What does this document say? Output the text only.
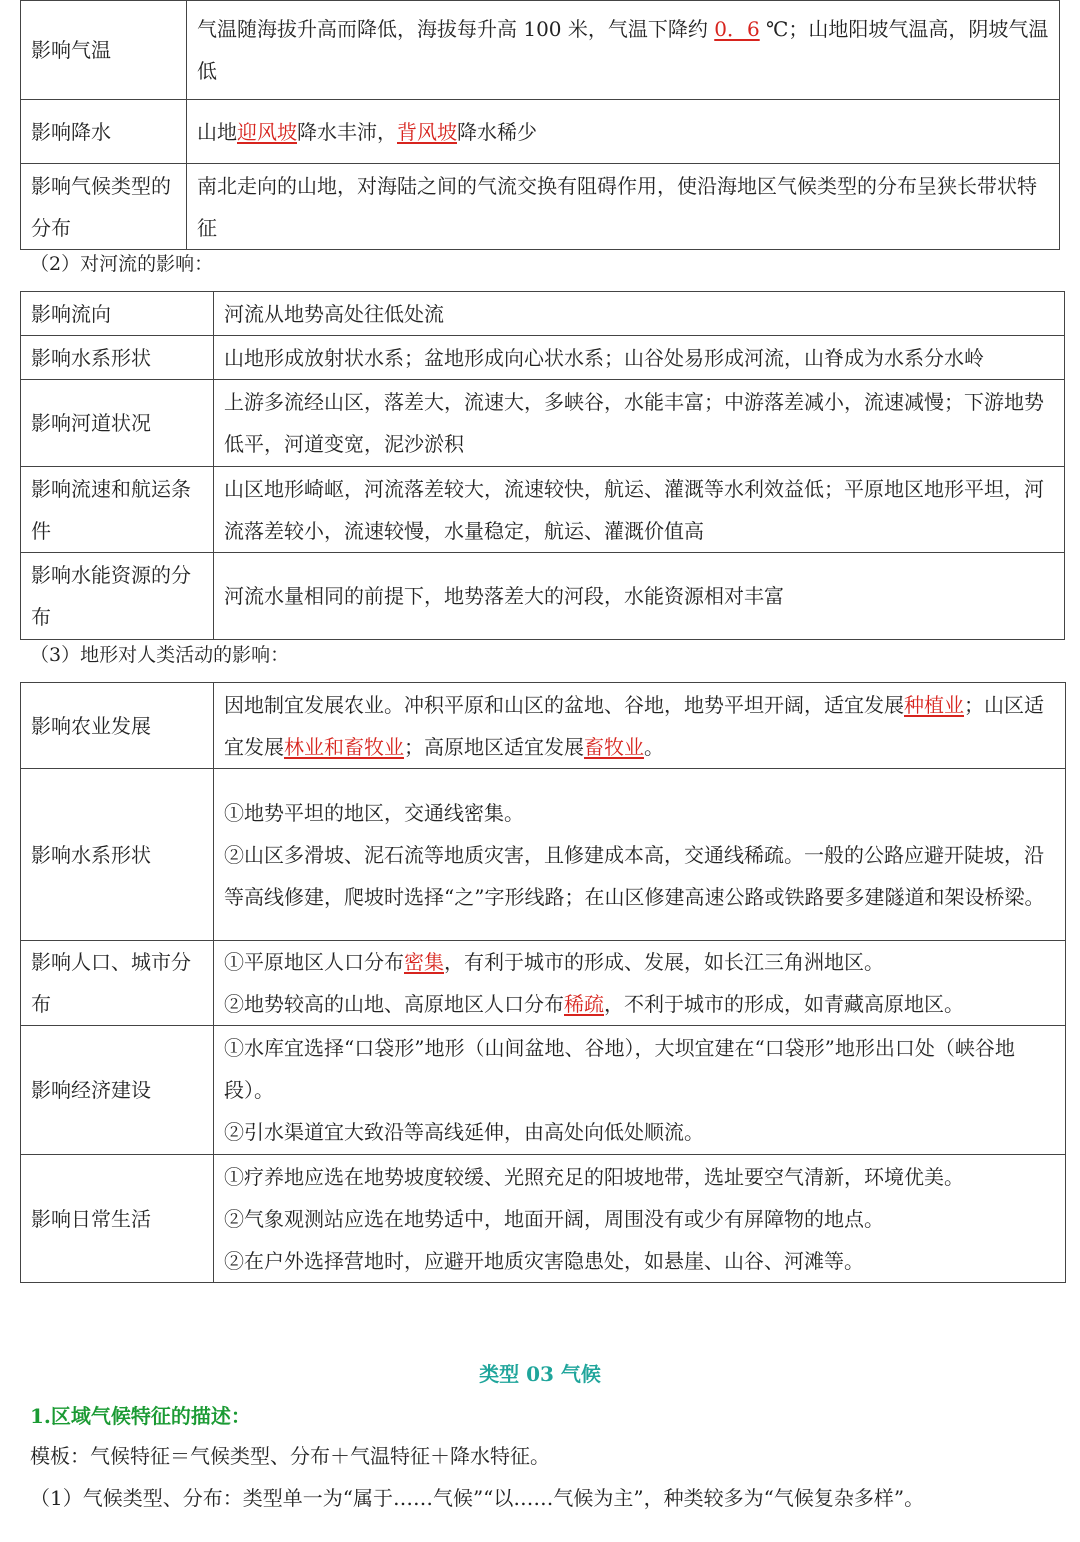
影响气温	气温随海拔升高而降低，海拔每升高 100 米，气温下降约 0．6 ℃；山地阳坡气温高，阴坡气温低
影响降水	山地迎风坡降水丰沛，背风坡降水稀少
影响气候类型的分布	南北走向的山地，对海陆之间的气流交换有阻碍作用，使沿海地区气候类型的分布呈狭长带状特征
（2）对河流的影响：
影响流向	河流从地势高处往低处流
影响水系形状	山地形成放射状水系；盆地形成向心状水系；山谷处易形成河流，山脊成为水系分水岭
影响河道状况	上游多流经山区，落差大，流速大，多峡谷，水能丰富；中游落差减小，流速减慢；下游地势低平，河道变宽，泥沙淤积
影响流速和航运条件	山区地形崎岖，河流落差较大，流速较快，航运、灌溉等水利效益低；平原地区地形平坦，河流落差较小，流速较慢，水量稳定，航运、灌溉价值高
影响水能资源的分布	河流水量相同的前提下，地势落差大的河段，水能资源相对丰富
（3）地形对人类活动的影响：
影响农业发展	因地制宜发展农业。冲积平原和山区的盆地、谷地，地势平坦开阔，适宜发展种植业；山区适宜发展林业和畜牧业；高原地区适宜发展畜牧业。
影响水系形状	①地势平坦的地区，交通线密集。
②山区多滑坡、泥石流等地质灾害，且修建成本高，交通线稀疏。一般的公路应避开陡坡，沿等高线修建，爬坡时选择“之”字形线路；在山区修建高速公路或铁路要多建隧道和架设桥梁。

影响人口、城市分布	①平原地区人口分布密集，有利于城市的形成、发展，如长江三角洲地区。
②地势较高的山地、高原地区人口分布稀疏，不利于城市的形成，如青藏高原地区。

影响经济建设	①水库宜选择“口袋形”地形（山间盆地、谷地），大坝宜建在“口袋形”地形出口处（峡谷地段）。
②引水渠道宜大致沿等高线延伸，由高处向低处顺流。

影响日常生活	①疗养地应选在地势坡度较缓、光照充足的阳坡地带，选址要空气清新，环境优美。
②气象观测站应选在地势适中，地面开阔，周围没有或少有屏障物的地点。
②在户外选择营地时，应避开地质灾害隐患处，如悬崖、山谷、河滩等。
类型 03 气候
1.区域气候特征的描述：
模板：气候特征＝气候类型、分布＋气温特征＋降水特征。
（1）气候类型、分布：类型单一为“属于……气候”“以……气候为主”，种类较多为“气候复杂多样”。
